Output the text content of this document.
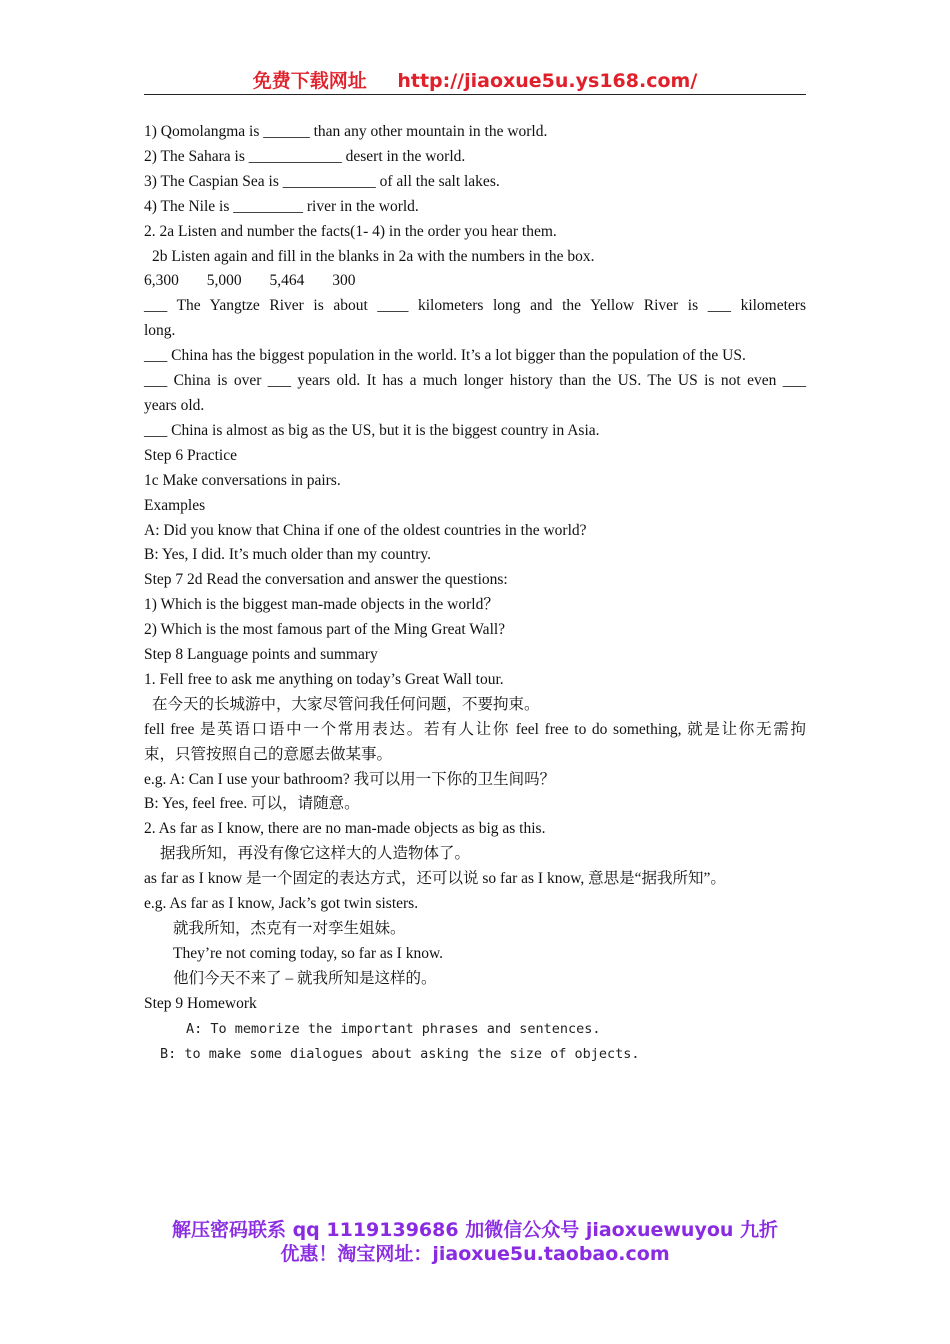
免费下载网址 http://jiaoxue5u.ys168.com/

1) Qomolangma is ______ than any other mountain in the world.

2) The Sahara is ____________ desert in the world.

3) The Caspian Sea is ____________ of all the salt lakes.

4) The Nile is _________ river in the world.

2. 2a Listen and number the facts(1- 4) in the order you hear them.

2b Listen again and fill in the blanks in 2a with the numbers in the box.

6,300 5,000 5,464 300

___ The Yangtze River is about ____ kilometers long and the Yellow River is ___ kilometers

long.

___ China has the biggest population in the world. It’s a lot bigger than the population of the US.

___ China is over ___ years old. It has a much longer history than the US. The US is not even ___

years old.

___ China is almost as big as the US, but it is the biggest country in Asia.

Step 6 Practice

1c Make conversations in pairs.

Examples

A: Did you know that China if one of the oldest countries in the world?

B: Yes, I did. It’s much older than my country.

Step 7 2d Read the conversation and answer the questions:

1) Which is the biggest man-made objects in the world？

2) Which is the most famous part of the Ming Great Wall?

Step 8 Language points and summary

1. Fell free to ask me anything on today’s Great Wall tour.

在今天的长城游中，大家尽管问我任何问题，不要拘束。

fell free 是英语口语中一个常用表达。若有人让你 feel free to do something, 就是让你无需拘

束，只管按照自己的意愿去做某事。

e.g. A: Can I use your bathroom? 我可以用一下你的卫生间吗？

B: Yes, feel free. 可以，请随意。

2. As far as I know, there are no man-made objects as big as this.

据我所知，再没有像它这样大的人造物体了。

as far as I know 是一个固定的表达方式，还可以说 so far as I know, 意思是“据我所知”。

e.g. As far as I know, Jack’s got twin sisters.

就我所知，杰克有一对孪生姐妹。

They’re not coming today, so far as I know.

他们今天不来了 – 就我所知是这样的。

Step 9 Homework

A: To memorize the important phrases and sentences.

B: to make some dialogues about asking the size of objects.

解压密码联系 qq 1119139686 加微信公众号 jiaoxuewuyou 九折
优惠！淘宝网址：jiaoxue5u.taobao.com
